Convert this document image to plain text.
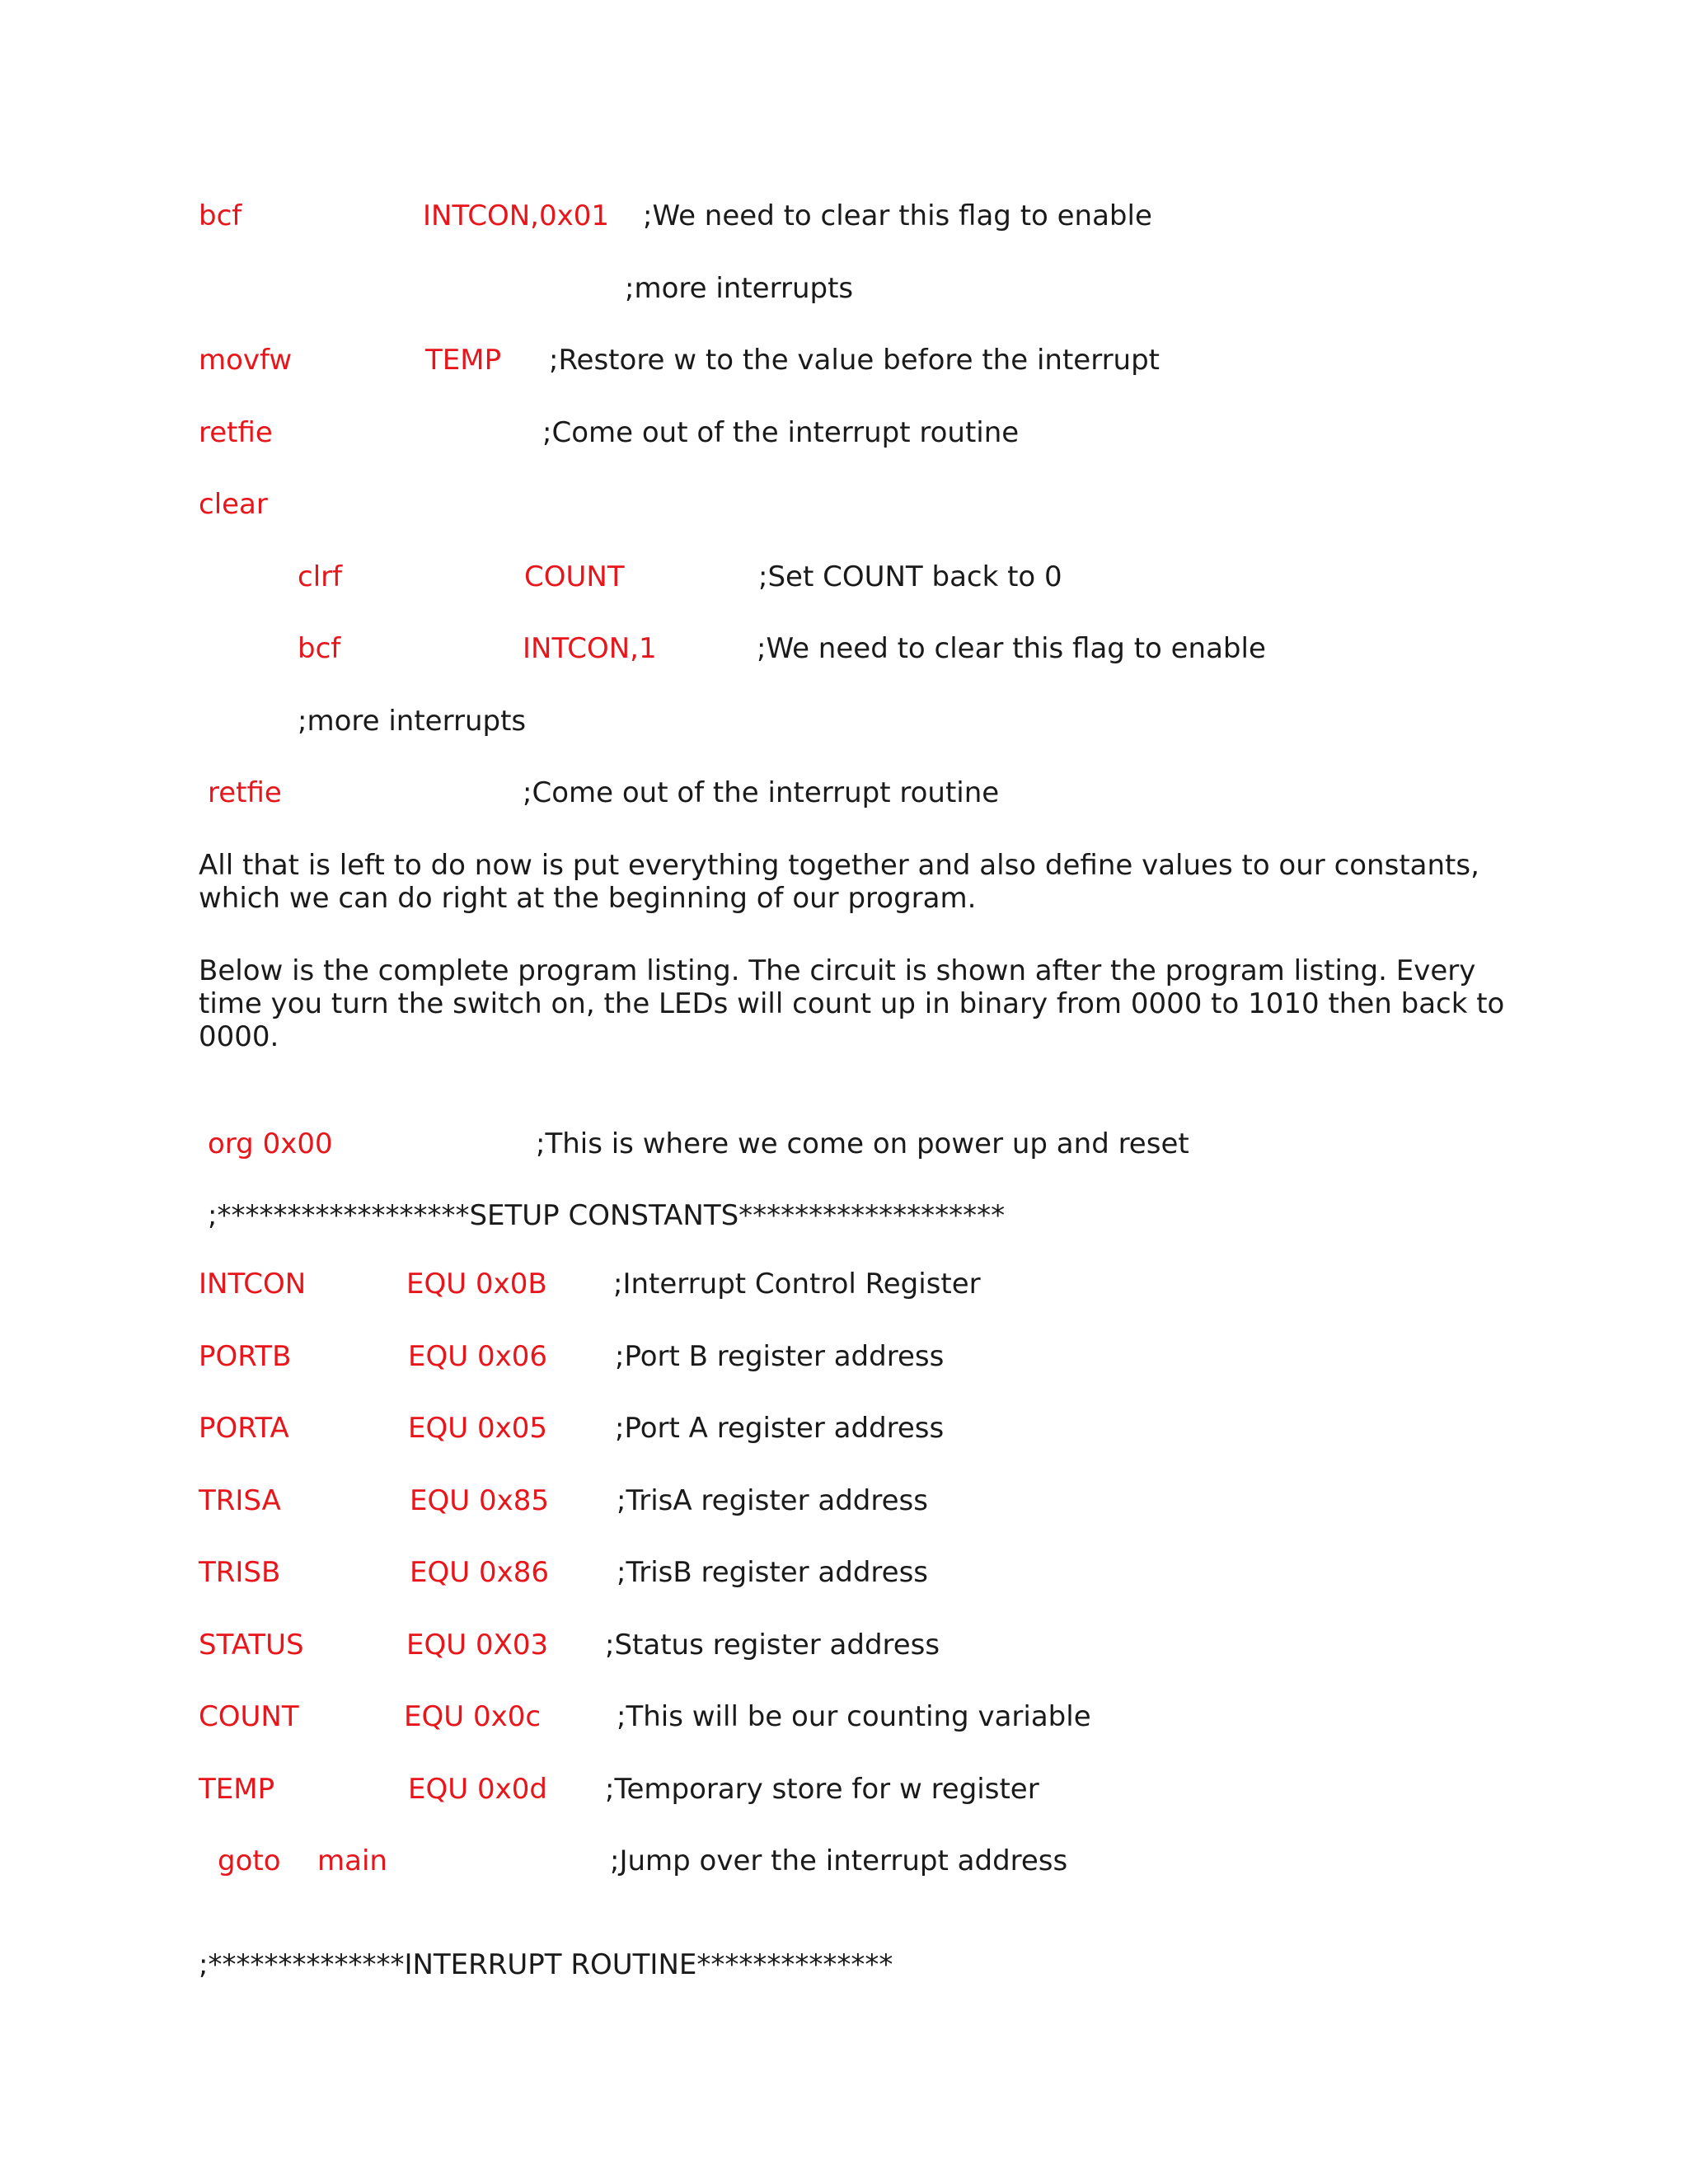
bcf	INTCON,0x01 ;We need to clear this flag to enable
;more interrupts
movfw	TEMP ;Restore w to the value before the interrupt
retfie	;Come out of the interrupt routine
clear
clrf	COUNT	;Set COUNT back to 0
bcf	INTCON,1	;We need to clear this flag to enable
;more interrupts
retfie	;Come out of the interrupt routine
All that is left to do now is put everything together and also define values to our constants, which we can do right at the beginning of our program.
Below is the complete program listing. The circuit is shown after the program listing. Every time you turn the switch on, the LEDs will count up in binary from 0000 to 1010 then back to 0000.
org 0x00	;This is where we come on power up and reset
;******************SETUP CONSTANTS*******************
INTCON	EQU 0x0B ;Interrupt Control Register
PORTB	EQU 0x06 ;Port B register address
PORTA	EQU 0x05 ;Port A register address
TRISA	EQU 0x85 ;TrisA register address
TRISB	EQU 0x86 ;TrisB register address
STATUS	EQU 0X03 ;Status register address
COUNT	EQU 0x0c	;This will be our counting variable
TEMP	EQU 0x0d ;Temporary store for w register
goto main	;Jump over the interrupt address
;**************INTERRUPT ROUTINE**************
